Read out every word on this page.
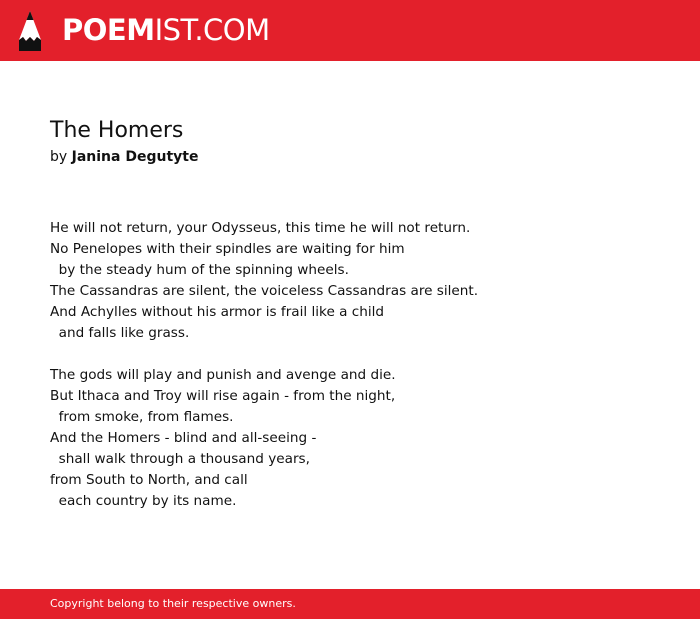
POEMIST.COM
The Homers
by Janina Degutyte
He will not return, your Odysseus, this time he will not return.
No Penelopes with their spindles are waiting for him
by the steady hum of the spinning wheels.
The Cassandras are silent, the voiceless Cassandras are silent.
And Achylles without his armor is frail like a child
and falls like grass.
The gods will play and punish and avenge and die.
But Ithaca and Troy will rise again - from the night,
from smoke, from flames.
And the Homers - blind and all-seeing -
shall walk through a thousand years,
from South to North, and call
each country by its name.
Copyright belong to their respective owners.
